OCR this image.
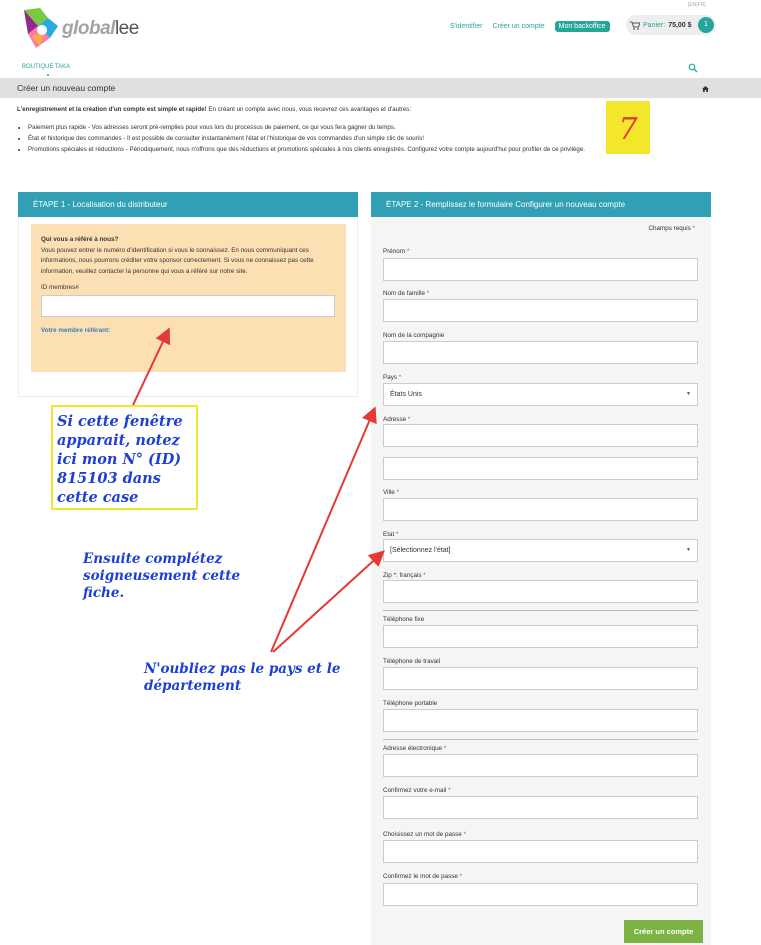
globallee
[EN|FR]
S'identifier Créer un compte	Mon backoffice	Panier: 75,00 $	1
BOUTIQUE TAKA
Créer un nouveau compte

L'enregistrement et la création d'un compte est simple et rapide! En créant un compte avec nous, vous recevrez ces avantages et d'autres:

• Paiement plus rapide - Vos adresses seront pré-remplies pour vous lors du processus de paiement, ce qui vous fera gagner du temps.
• État et historique des commandes - Il est possible de consulter instantanément l'état et l'historique de vos commandes d'un simple clic de souris!
• Promotions spéciales et réductions - Périodiquement, nous n'offrons que des réductions et promotions spéciales à nos clients enregistrés. Configurez votre compte aujourd'hui pour profiter de ce privilège.
7
ÉTAPE 1 - Localisation du distributeur
Qui vous a référé à nous?
Vous pouvez entrer le numéro d'identification si vous le connaissez. En nous communiquant ces informations, nous pourrons créditer votre sponsor correctement. Si vous ne connaissez pas cette information, veuillez contacter la personne qui vous a référé sur notre site.
ID membres#
Votre membre référant:
ÉTAPE 2 - Remplissez le formulaire Configurer un nouveau compte
Champs requis *
Prénom *
Nom de famille *
Nom de la compagnie
Pays *
États Unis	▼
Adresse *
Ville *
Etat *
[Sélectionnez l'état]	▼
Zip *: français *
Téléphone fixe
Téléphone de travail
Téléphone portable
Adresse électronique *
Confirmez votre e-mail *
Choisissez un mot de passe *
Confirmez le mot de passe *
Créer un compte
Si cette fenêtre apparait, notez ici mon N° (ID) 815103 dans cette case
Ensuite complétez soigneusement cette fiche.
N'oubliez pas le pays et le département
